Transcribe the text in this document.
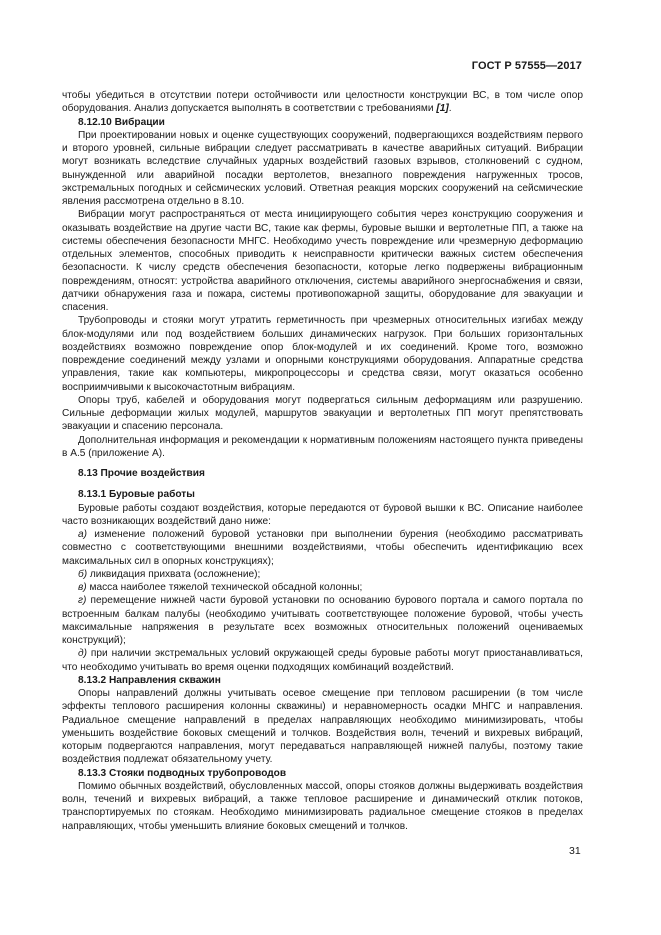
ГОСТ Р 57555—2017

чтобы убедиться в отсутствии потери остойчивости или целостности конструкции ВС, в том числе опор оборудования. Анализ допускается выполнять в соответствии с требованиями [1].

8.12.10 Вибрации

При проектировании новых и оценке существующих сооружений, подвергающихся воздействиям первого и второго уровней, сильные вибрации следует рассматривать в качестве аварийных ситуаций. Вибрации могут возникать вследствие случайных ударных воздействий газовых взрывов, столкновений с судном, вынужденной или аварийной посадки вертолетов, внезапного повреждения нагруженных тросов, экстремальных погодных и сейсмических условий. Ответная реакция морских сооружений на сейсмические явления рассмотрена отдельно в 8.10.

Вибрации могут распространяться от места инициирующего события через конструкцию сооружения и оказывать воздействие на другие части ВС, такие как фермы, буровые вышки и вертолетные ПП, а также на системы обеспечения безопасности МНГС. Необходимо учесть повреждение или чрезмерную деформацию отдельных элементов, способных приводить к неисправности критически важных систем обеспечения безопасности. К числу средств обеспечения безопасности, которые легко подвержены вибрационным повреждениям, относят: устройства аварийного отключения, системы аварийного энергоснабжения и связи, датчики обнаружения газа и пожара, системы противопожарной защиты, оборудование для эвакуации и спасения.

Трубопроводы и стояки могут утратить герметичность при чрезмерных относительных изгибах между блок-модулями или под воздействием больших динамических нагрузок. При больших горизонтальных воздействиях возможно повреждение опор блок-модулей и их соединений. Кроме того, возможно повреждение соединений между узлами и опорными конструкциями оборудования. Аппаратные средства управления, такие как компьютеры, микропроцессоры и средства связи, могут оказаться особенно восприимчивыми к высокочастотным вибрациям.

Опоры труб, кабелей и оборудования могут подвергаться сильным деформациям или разрушению. Сильные деформации жилых модулей, маршрутов эвакуации и вертолетных ПП могут препятствовать эвакуации и спасению персонала.

Дополнительная информация и рекомендации к нормативным положениям настоящего пункта приведены в А.5 (приложение А).

8.13 Прочие воздействия
8.13.1 Буровые работы

Буровые работы создают воздействия, которые передаются от буровой вышки к ВС. Описание наиболее часто возникающих воздействий дано ниже:

а) изменение положений буровой установки при выполнении бурения (необходимо рассматривать совместно с соответствующими внешними воздействиями, чтобы обеспечить идентификацию всех максимальных сил в опорных конструкциях);

б) ликвидация прихвата (осложнение);

в) масса наиболее тяжелой технической обсадной колонны;

г) перемещение нижней части буровой установки по основанию бурового портала и самого портала по встроенным балкам палубы (необходимо учитывать соответствующее положение буровой, чтобы учесть максимальные напряжения в результате всех возможных относительных положений оцениваемых конструкций);

д) при наличии экстремальных условий окружающей среды буровые работы могут приостанавливаться, что необходимо учитывать во время оценки подходящих комбинаций воздействий.

8.13.2 Направления скважин

Опоры направлений должны учитывать осевое смещение при тепловом расширении (в том числе эффекты теплового расширения колонны скважины) и неравномерность осадки МНГС и направления. Радиальное смещение направлений в пределах направляющих необходимо минимизировать, чтобы уменьшить воздействие боковых смещений и толчков. Воздействия волн, течений и вихревых вибраций, которым подвергаются направления, могут передаваться направляющей нижней палубы, поэтому такие воздействия подлежат обязательному учету.

8.13.3 Стояки подводных трубопроводов

Помимо обычных воздействий, обусловленных массой, опоры стояков должны выдерживать воздействия волн, течений и вихревых вибраций, а также тепловое расширение и динамический отклик потоков, транспортируемых по стоякам. Необходимо минимизировать радиальное смещение стояков в пределах направляющих, чтобы уменьшить влияние боковых смещений и толчков.

31
